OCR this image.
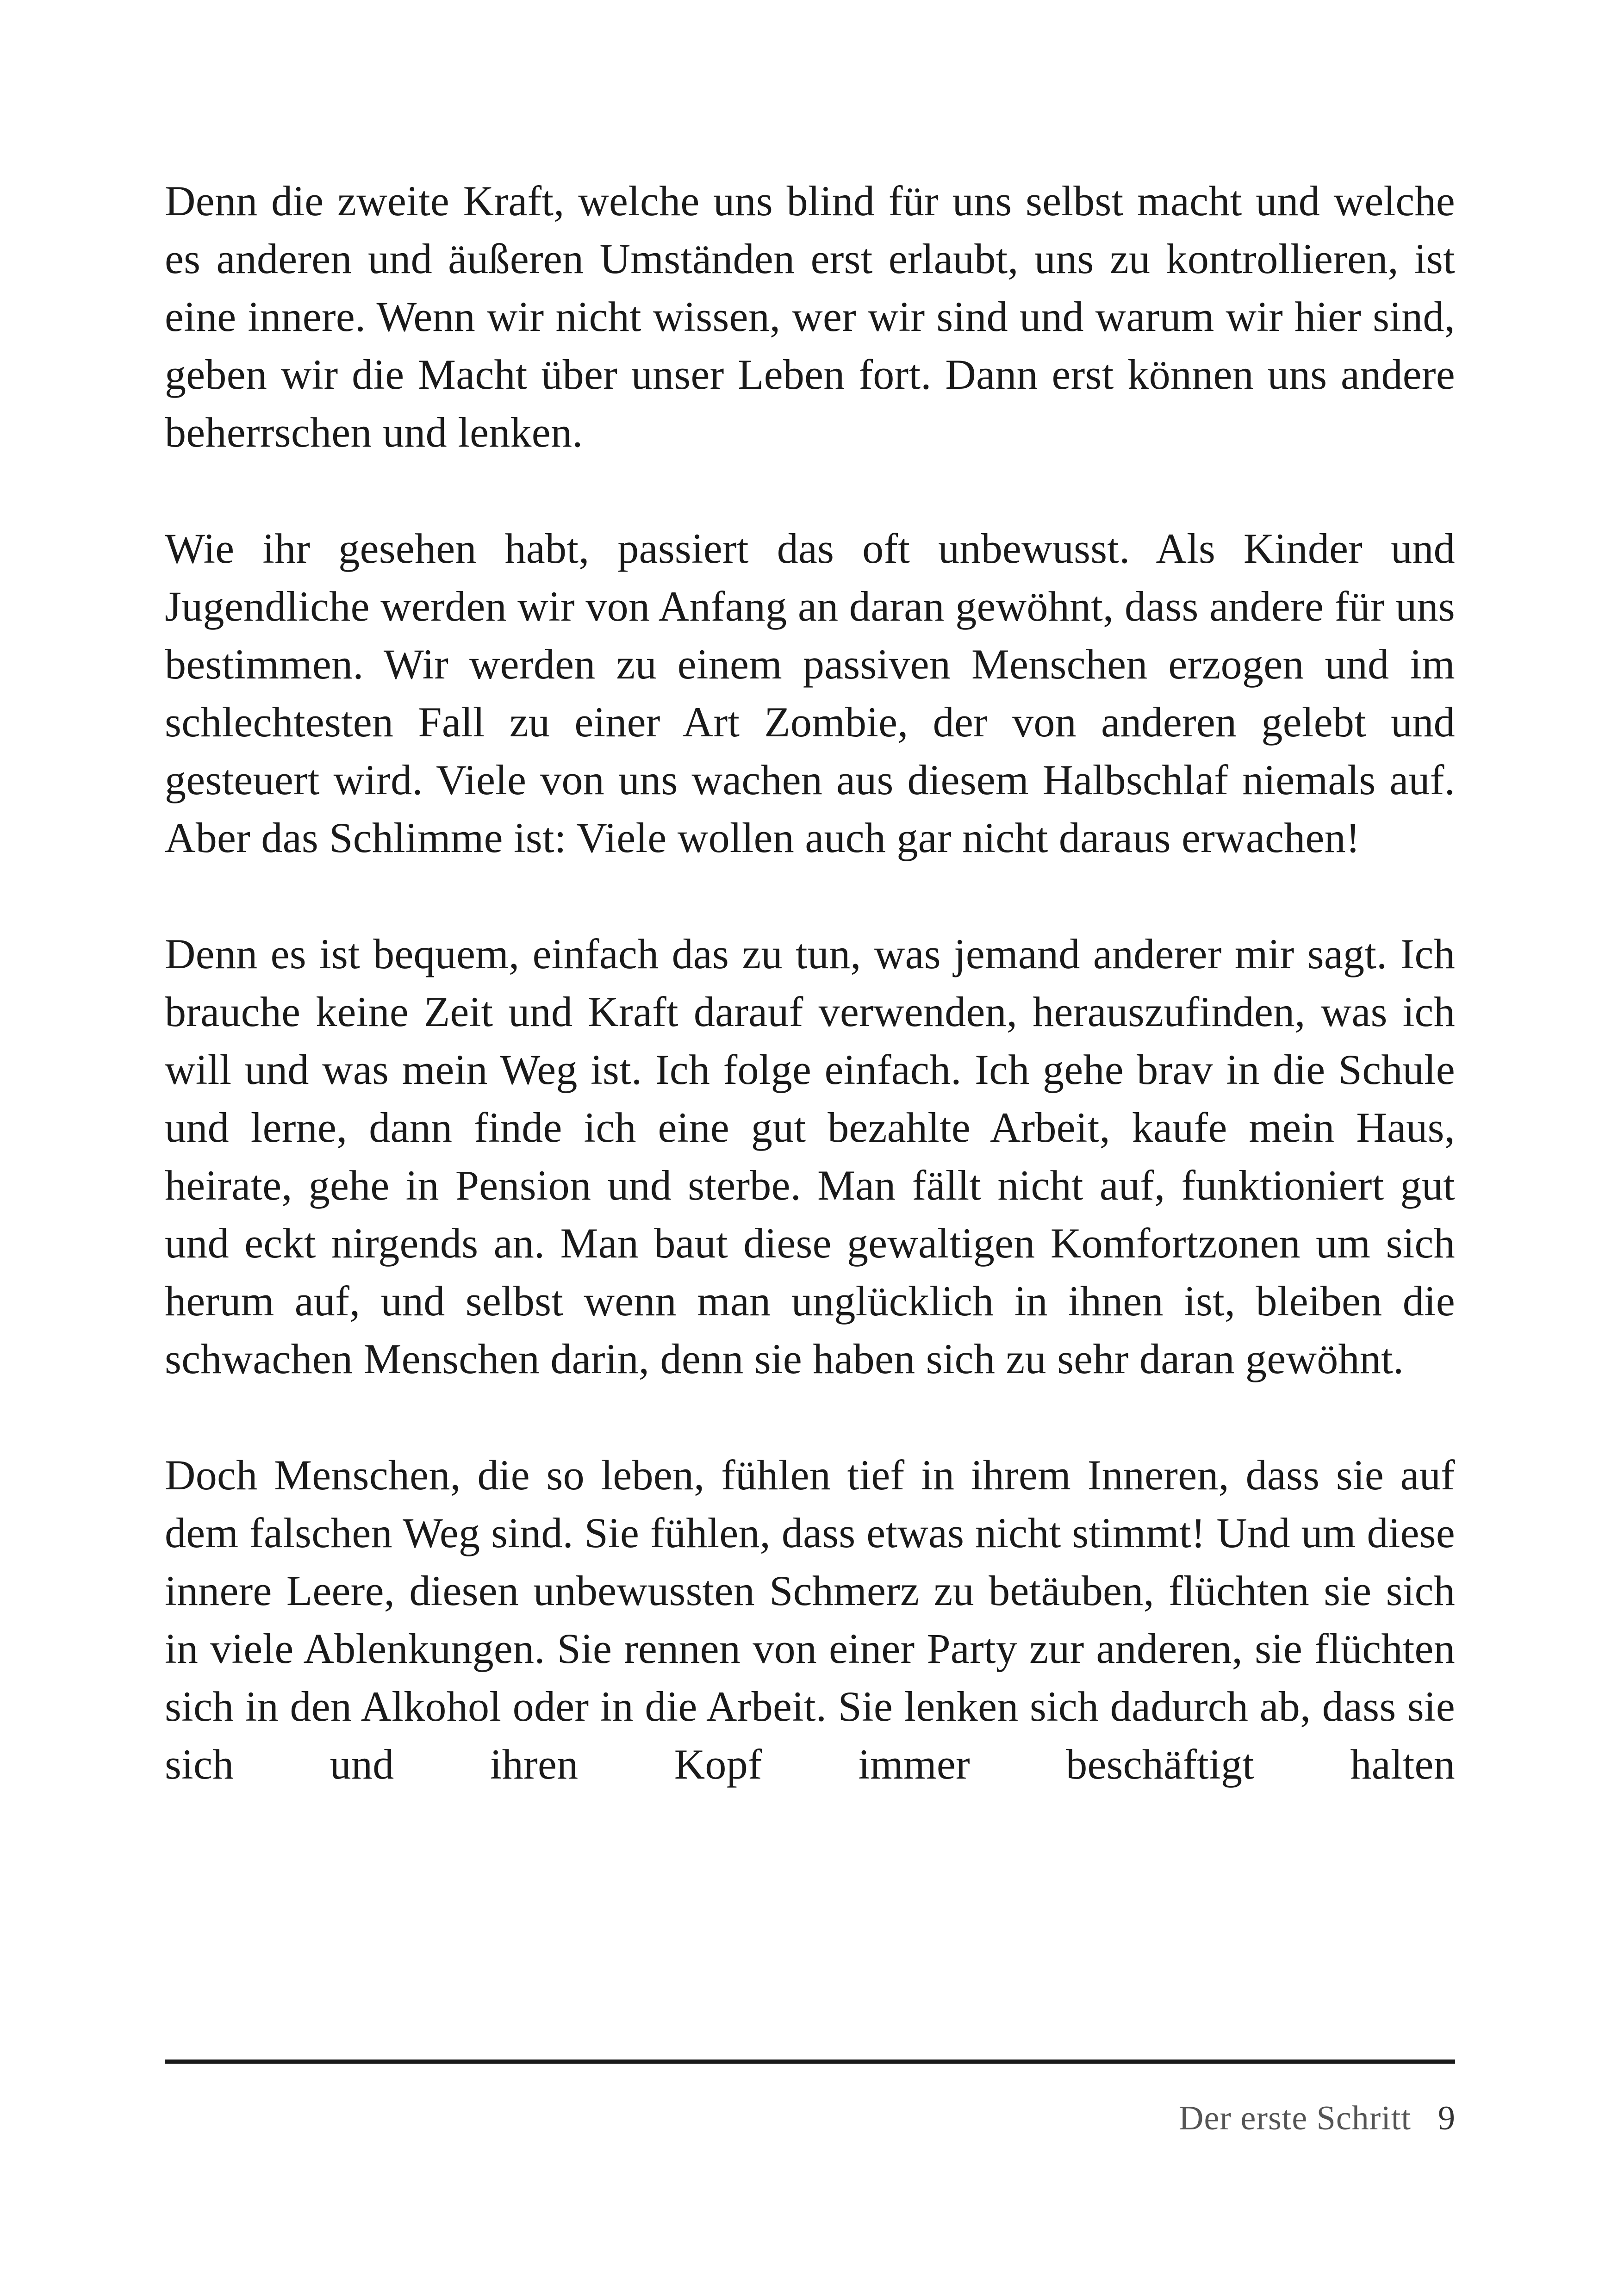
Denn die zweite Kraft, welche uns blind für uns selbst macht und welche es anderen und äußeren Umständen erst erlaubt, uns zu kontrollieren, ist eine innere. Wenn wir nicht wissen, wer wir sind und warum wir hier sind, geben wir die Macht über unser Leben fort. Dann erst können uns andere beherrschen und lenken.

Wie ihr gesehen habt, passiert das oft unbewusst. Als Kinder und Jugendliche werden wir von Anfang an daran gewöhnt, dass andere für uns bestimmen. Wir werden zu einem passiven Menschen erzogen und im schlechtesten Fall zu einer Art Zombie, der von anderen gelebt und gesteuert wird. Viele von uns wachen aus diesem Halbschlaf niemals auf. Aber das Schlimme ist: Viele wollen auch gar nicht daraus erwachen!

Denn es ist bequem, einfach das zu tun, was jemand anderer mir sagt. Ich brauche keine Zeit und Kraft darauf verwenden, herauszufinden, was ich will und was mein Weg ist. Ich folge einfach. Ich gehe brav in die Schule und lerne, dann finde ich eine gut bezahlte Arbeit, kaufe mein Haus, heirate, gehe in Pension und sterbe. Man fällt nicht auf, funktioniert gut und eckt nirgends an. Man baut diese gewaltigen Komfortzonen um sich herum auf, und selbst wenn man unglücklich in ihnen ist, bleiben die schwachen Menschen darin, denn sie haben sich zu sehr daran gewöhnt.

Doch Menschen, die so leben, fühlen tief in ihrem Inneren, dass sie auf dem falschen Weg sind. Sie fühlen, dass etwas nicht stimmt! Und um diese innere Leere, diesen unbewussten Schmerz zu betäuben, flüchten sie sich in viele Ablenkungen. Sie rennen von einer Party zur anderen, sie flüchten sich in den Alkohol oder in die Arbeit. Sie lenken sich dadurch ab, dass sie sich und ihren Kopf immer beschäftigt halten

Der erste Schritt 9
